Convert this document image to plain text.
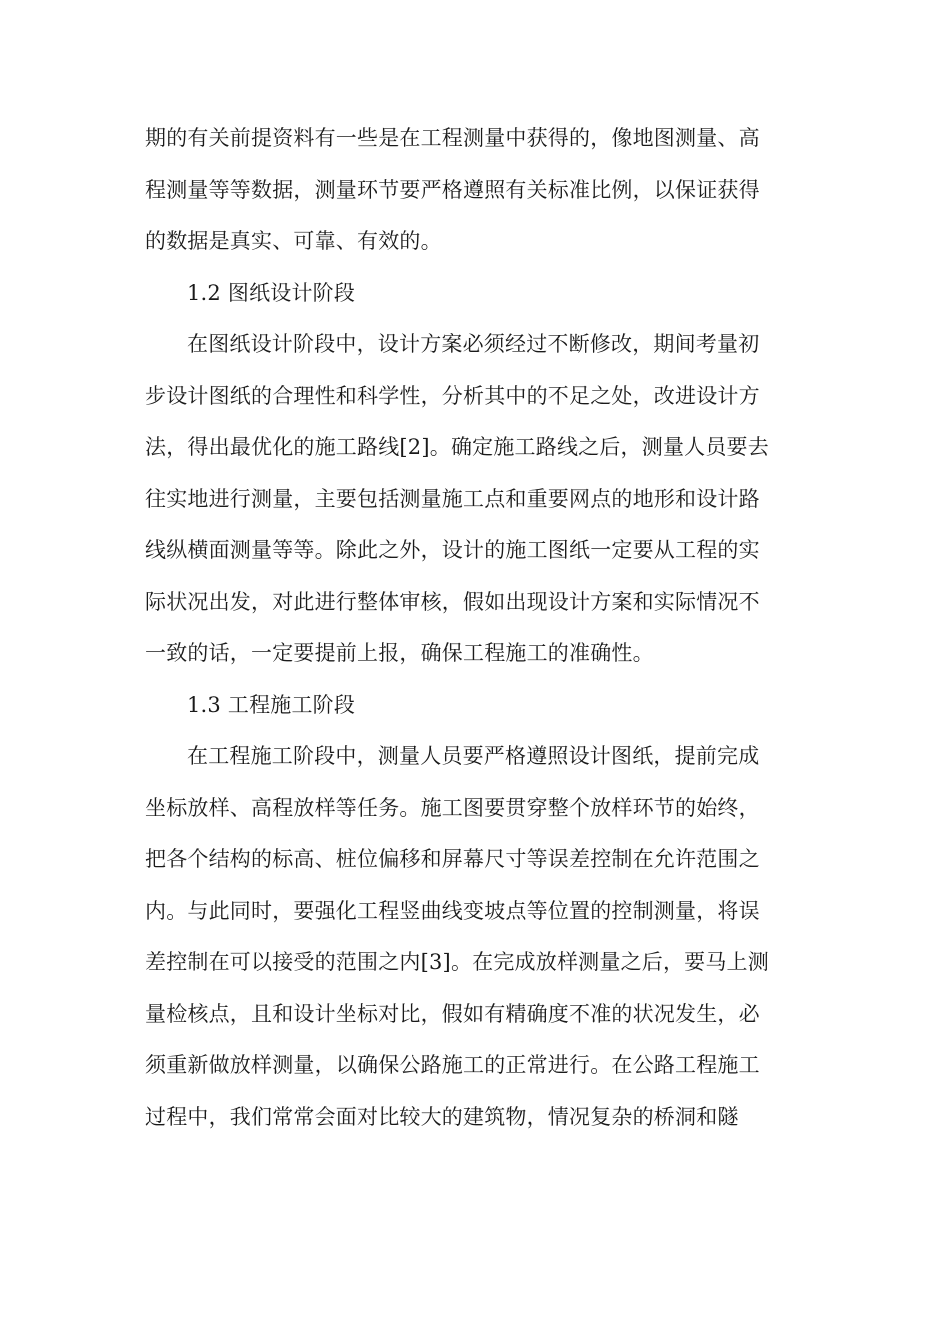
期的有关前提资料有一些是在工程测量中获得的，像地图测量、高
程测量等等数据，测量环节要严格遵照有关标准比例，以保证获得
的数据是真实、可靠、有效的。
1.2 图纸设计阶段
在图纸设计阶段中，设计方案必须经过不断修改，期间考量初
步设计图纸的合理性和科学性，分析其中的不足之处，改进设计方
法，得出最优化的施工路线[2]。确定施工路线之后，测量人员要去
往实地进行测量，主要包括测量施工点和重要网点的地形和设计路
线纵横面测量等等。除此之外，设计的施工图纸一定要从工程的实
际状况出发，对此进行整体审核，假如出现设计方案和实际情况不
一致的话，一定要提前上报，确保工程施工的准确性。
1.3 工程施工阶段
在工程施工阶段中，测量人员要严格遵照设计图纸，提前完成
坐标放样、高程放样等任务。施工图要贯穿整个放样环节的始终，
把各个结构的标高、桩位偏移和屏幕尺寸等误差控制在允许范围之
内。与此同时，要强化工程竖曲线变坡点等位置的控制测量，将误
差控制在可以接受的范围之内[3]。在完成放样测量之后，要马上测
量检核点，且和设计坐标对比，假如有精确度不准的状况发生，必
须重新做放样测量，以确保公路施工的正常进行。在公路工程施工
过程中，我们常常会面对比较大的建筑物，情况复杂的桥洞和隧
